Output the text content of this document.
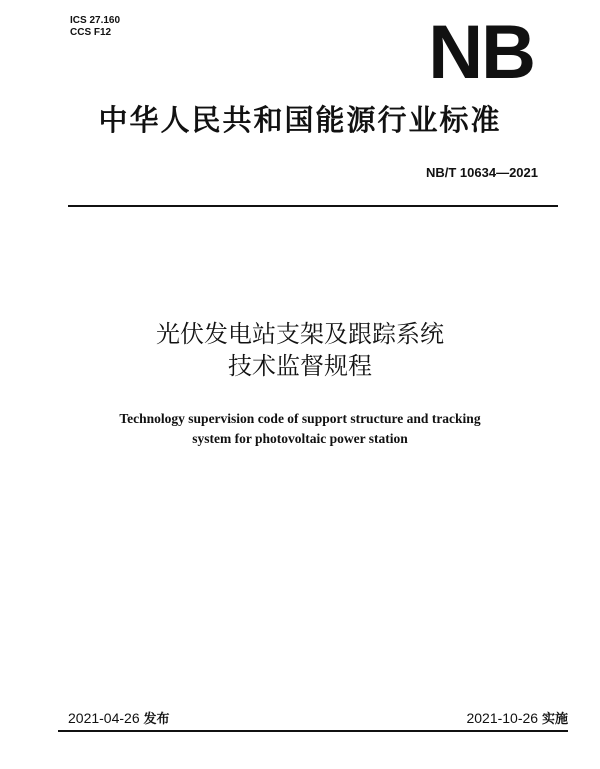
ICS 27.160
CCS F12	NB
中华人民共和国能源行业标准
NB/T 10634—2021
光伏发电站支架及跟踪系统
技术监督规程
Technology supervision code of support structure and tracking
system for photovoltaic power station
2021-04-26 发布	2021-10-26 实施
